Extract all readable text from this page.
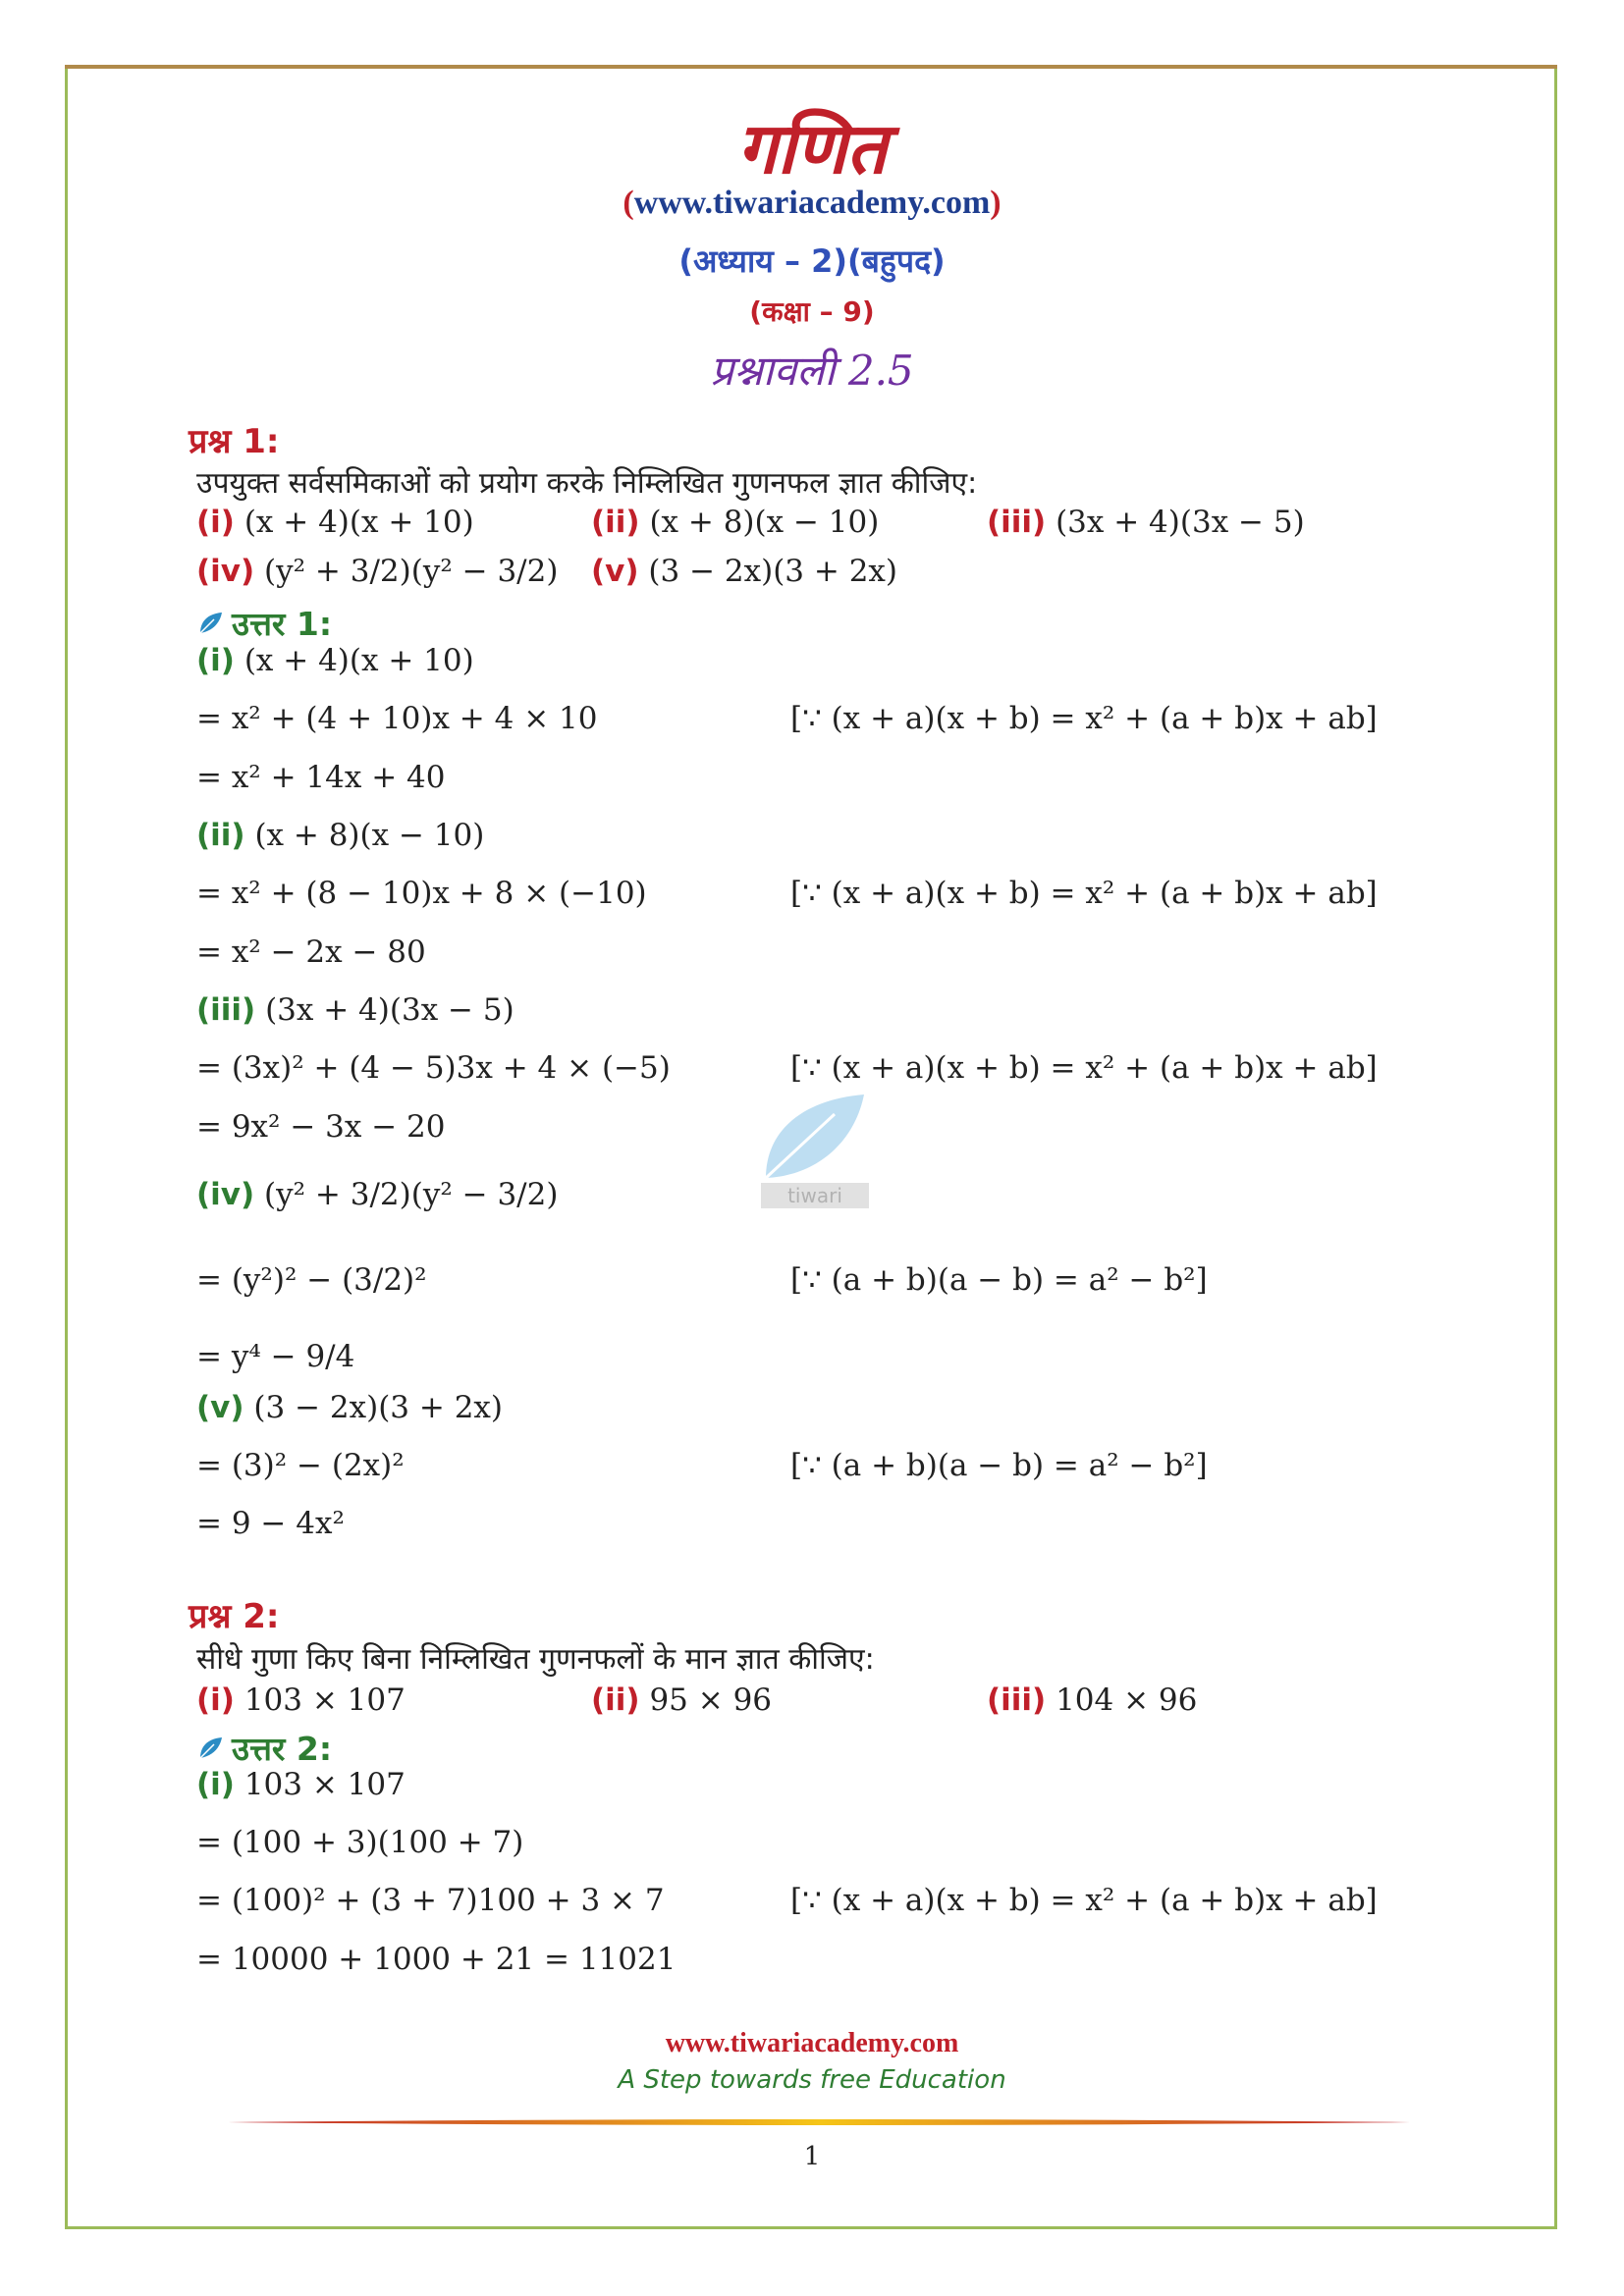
गणित
(www.tiwariacademy.com)
(अध्याय – 2)(बहुपद)
(कक्षा – 9)
प्रश्नावली 2.5
प्रश्न 1:
उपयुक्त सर्वसमिकाओं को प्रयोग करके निम्लिखित गुणनफल ज्ञात कीजिए:
(i) (x + 4)(x + 10)	(ii) (x + 8)(x − 10)	(iii) (3x + 4)(3x − 5)
(iv) (y² + 3/2)(y² − 3/2) (v) (3 − 2x)(3 + 2x)
उत्तर 1:
(i) (x + 4)(x + 10)
= x² + (4 + 10)x + 4 × 10	[∵ (x + a)(x + b) = x² + (a + b)x + ab]
= x² + 14x + 40
(ii) (x + 8)(x − 10)
= x² + (8 − 10)x + 8 × (−10)	[∵ (x + a)(x + b) = x² + (a + b)x + ab]
= x² − 2x − 80
(iii) (3x + 4)(3x − 5)
= (3x)² + (4 − 5)3x + 4 × (−5)	[∵ (x + a)(x + b) = x² + (a + b)x + ab]
= 9x² − 3x − 20
(iv) (y² + 3/2)(y² − 3/2)
= (y²)² − (3/2)²	[∵ (a + b)(a − b) = a² − b²]
= y⁴ − 9/4
(v) (3 − 2x)(3 + 2x)
= (3)² − (2x)²	[∵ (a + b)(a − b) = a² − b²]
= 9 − 4x²
tiwari
प्रश्न 2:
सीधे गुणा किए बिना निम्लिखित गुणनफलों के मान ज्ञात कीजिए:
(i) 103 × 107	(ii) 95 × 96	(iii) 104 × 96
उत्तर 2:
(i) 103 × 107
= (100 + 3)(100 + 7)
= (100)² + (3 + 7)100 + 3 × 7	[∵ (x + a)(x + b) = x² + (a + b)x + ab]
= 10000 + 1000 + 21 = 11021
www.tiwariacademy.com
A Step towards free Education
1
